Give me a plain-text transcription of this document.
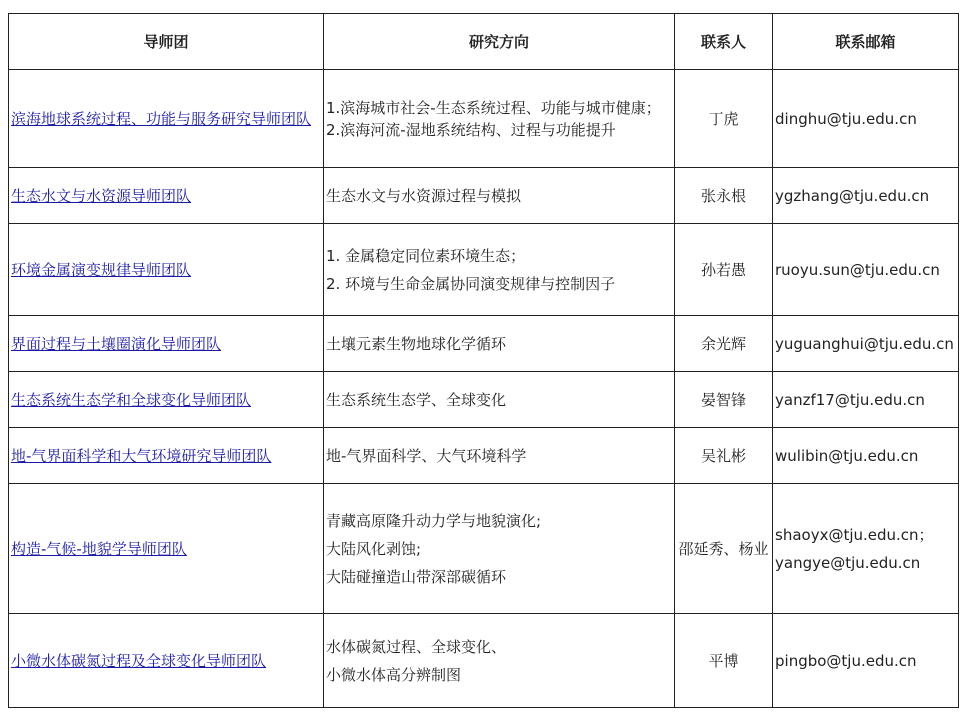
导师团	研究方向	联系人	联系邮箱
滨海地球系统过程、功能与服务研究导师团队	1.滨海城市社会-生态系统过程、功能与城市健康；
2.滨海河流-湿地系统结构、过程与功能提升	丁虎	dinghu@tju.edu.cn

生态水文与水资源导师团队	生态水文与水资源过程与模拟	张永根	ygzhang@tju.edu.cn

环境金属演变规律导师团队	1. 金属稳定同位素环境生态；
2. 环境与生命金属协同演变规律与控制因子	孙若愚	ruoyu.sun@tju.edu.cn

界面过程与土壤圈演化导师团队	土壤元素生物地球化学循环	余光辉	yuguanghui@tju.edu.cn

生态系统生态学和全球变化导师团队	生态系统生态学、全球变化	晏智锋	yanzf17@tju.edu.cn

地-气界面科学和大气环境研究导师团队	地-气界面科学、大气环境科学	吴礼彬	wulibin@tju.edu.cn

构造-气候-地貌学导师团队	青藏高原隆升动力学与地貌演化;
大陆风化剥蚀;
大陆碰撞造山带深部碳循环	邵延秀、杨业	shaoyx@tju.edu.cn；
yangye@tju.edu.cn

小微水体碳氮过程及全球变化导师团队	水体碳氮过程、全球变化、
小微水体高分辨制图	平博	pingbo@tju.edu.cn
